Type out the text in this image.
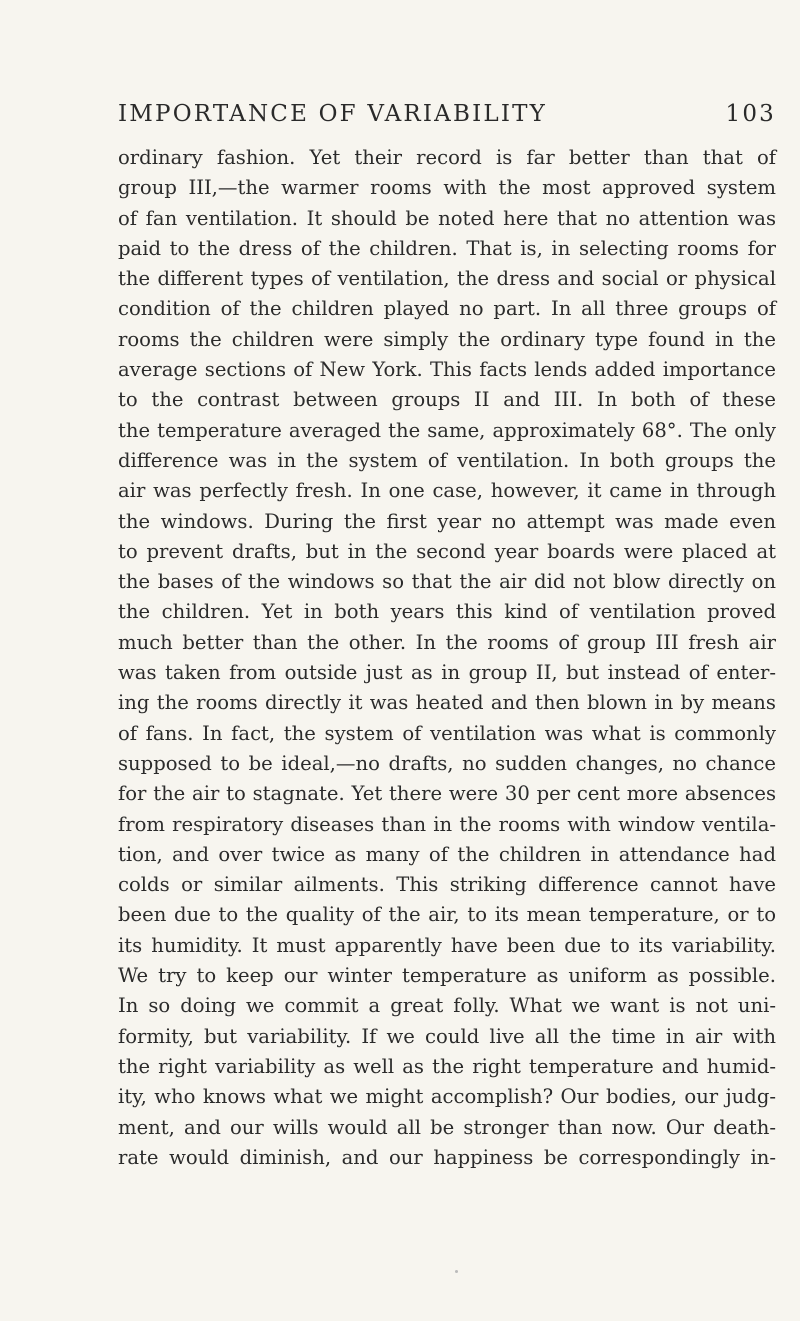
IMPORTANCE OF VARIABILITY	103
ordinary fashion. Yet their record is far better than that of
group III,—the warmer rooms with the most approved system
of fan ventilation. It should be noted here that no attention was
paid to the dress of the children. That is, in selecting rooms for
the different types of ventilation, the dress and social or physical
condition of the children played no part. In all three groups of
rooms the children were simply the ordinary type found in the
average sections of New York. This facts lends added importance
to the contrast between groups II and III. In both of these
the temperature averaged the same, approximately 68°. The only
difference was in the system of ventilation. In both groups the
air was perfectly fresh. In one case, however, it came in through
the windows. During the first year no attempt was made even
to prevent drafts, but in the second year boards were placed at
the bases of the windows so that the air did not blow directly on
the children. Yet in both years this kind of ventilation proved
much better than the other. In the rooms of group III fresh air
was taken from outside just as in group II, but instead of enter-
ing the rooms directly it was heated and then blown in by means
of fans. In fact, the system of ventilation was what is commonly
supposed to be ideal,—no drafts, no sudden changes, no chance
for the air to stagnate. Yet there were 30 per cent more absences
from respiratory diseases than in the rooms with window ventila-
tion, and over twice as many of the children in attendance had
colds or similar ailments. This striking difference cannot have
been due to the quality of the air, to its mean temperature, or to
its humidity. It must apparently have been due to its variability.
We try to keep our winter temperature as uniform as possible.
In so doing we commit a great folly. What we want is not uni-
formity, but variability. If we could live all the time in air with
the right variability as well as the right temperature and humid-
ity, who knows what we might accomplish? Our bodies, our judg-
ment, and our wills would all be stronger than now. Our death-
rate would diminish, and our happiness be correspondingly in-
